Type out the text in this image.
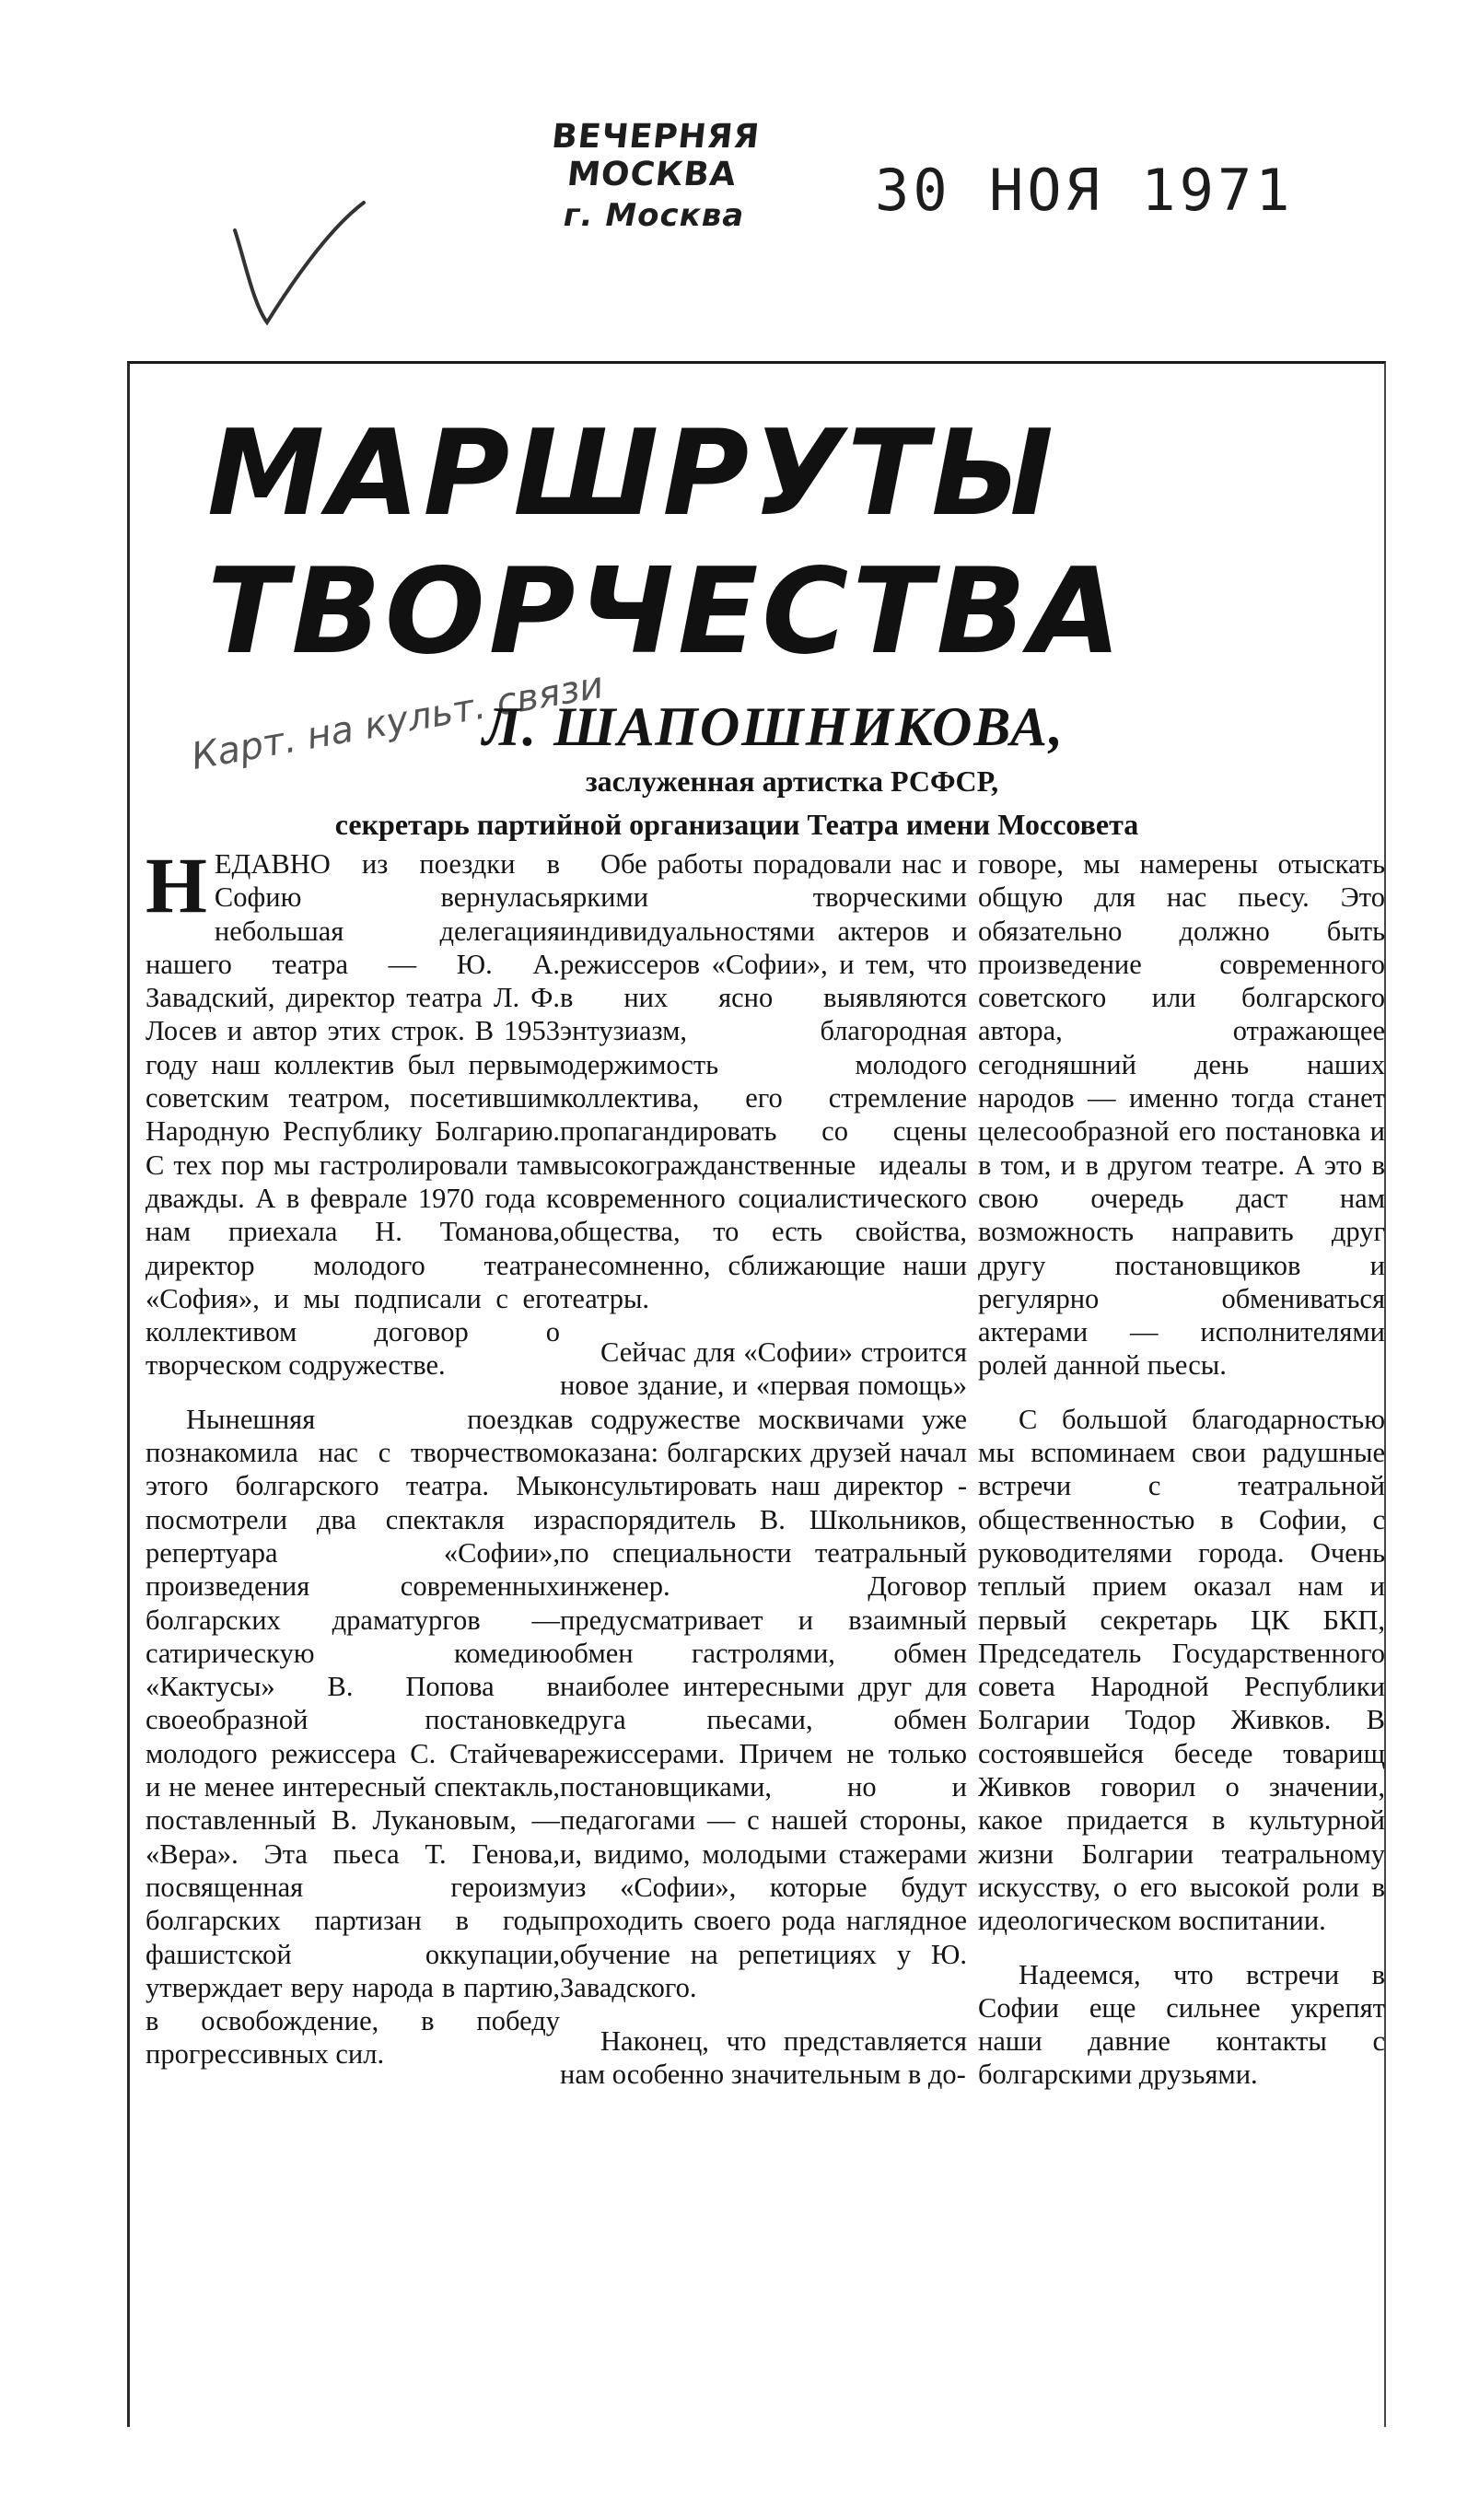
ВЕЧЕРНЯЯ МОСКВА
г. Москва	30 НОЯ 1971
МАРШРУТЫ
ТВОРЧЕСТВА
Карт. на культ. связи
Л. ШАПОШНИКОВА,
заслуженная артистка РСФСР,
секретарь партийной организации Театра имени Моссовета

НЕДАВНО из поездки в Софию вернулась небольшая делегация нашего театра — Ю. А. Завадский, директор театра Л. Ф. Лосев и автор этих строк. В 1953 году наш коллектив был первым советским театром, посетившим Народную Республику Болгарию. С тех пор мы гастролировали там дважды. А в феврале 1970 года к нам приехала Н. Томанова, директор молодого театра «София», и мы подписали с его коллективом договор о творческом содружестве.

Нынешняя поездка познакомила нас с творчеством этого болгарского театра. Мы посмотрели два спектакля из репертуара «Софии», произведения современных болгарских драматургов — сатирическую комедию «Кактусы» В. Попова в своеобразной постановке молодого режиссера С. Стайчева и не менее интересный спектакль, поставленный В. Лукановым, — «Вера». Эта пьеса Т. Генова, посвященная героизму болгарских партизан в годы фашистской оккупации, утверждает веру народа в партию, в освобождение, в победу прогрессивных сил.

Обе работы порадовали нас и яркими творческими индивидуальностями актеров и режиссеров «Софии», и тем, что в них ясно выявляются энтузиазм, благородная одержимость молодого коллектива, его стремление пропагандировать со сцены высокогражданственные идеалы современного социалистического общества, то есть свойства, несомненно, сближающие наши театры.

Сейчас для «Софии» строится новое здание, и «первая помощь» в содружестве москвичами уже оказана: болгарских друзей начал консультировать наш директор - распорядитель В. Школьников, по специальности театральный инженер. Договор предусматривает и взаимный обмен гастролями, обмен наиболее интересными друг для друга пьесами, обмен режиссерами. Причем не только постановщиками, но и педагогами — с нашей стороны, и, видимо, молодыми стажерами из «Софии», которые будут проходить своего рода наглядное обучение на репетициях у Ю. Завадского.

Наконец, что представляется нам особенно значительным в до-

говоре, мы намерены отыскать общую для нас пьесу. Это обязательно должно быть произведение современного советского или болгарского автора, отражающее сегодняшний день наших народов — именно тогда станет целесообразной его постановка и в том, и в другом театре. А это в свою очередь даст нам возможность направить друг другу постановщиков и регулярно обмениваться актерами — исполнителями ролей данной пьесы.

С большой благодарностью мы вспоминаем свои радушные встречи с театральной общественностью в Софии, с руководителями города. Очень теплый прием оказал нам и первый секретарь ЦК БКП, Председатель Государственного совета Народной Республики Болгарии Тодор Живков. В состоявшейся беседе товарищ Живков говорил о значении, какое придается в культурной жизни Болгарии театральному искусству, о его высокой роли в идеологическом воспитании.

Надеемся, что встречи в Софии еще сильнее укрепят наши давние контакты с болгарскими друзьями.
